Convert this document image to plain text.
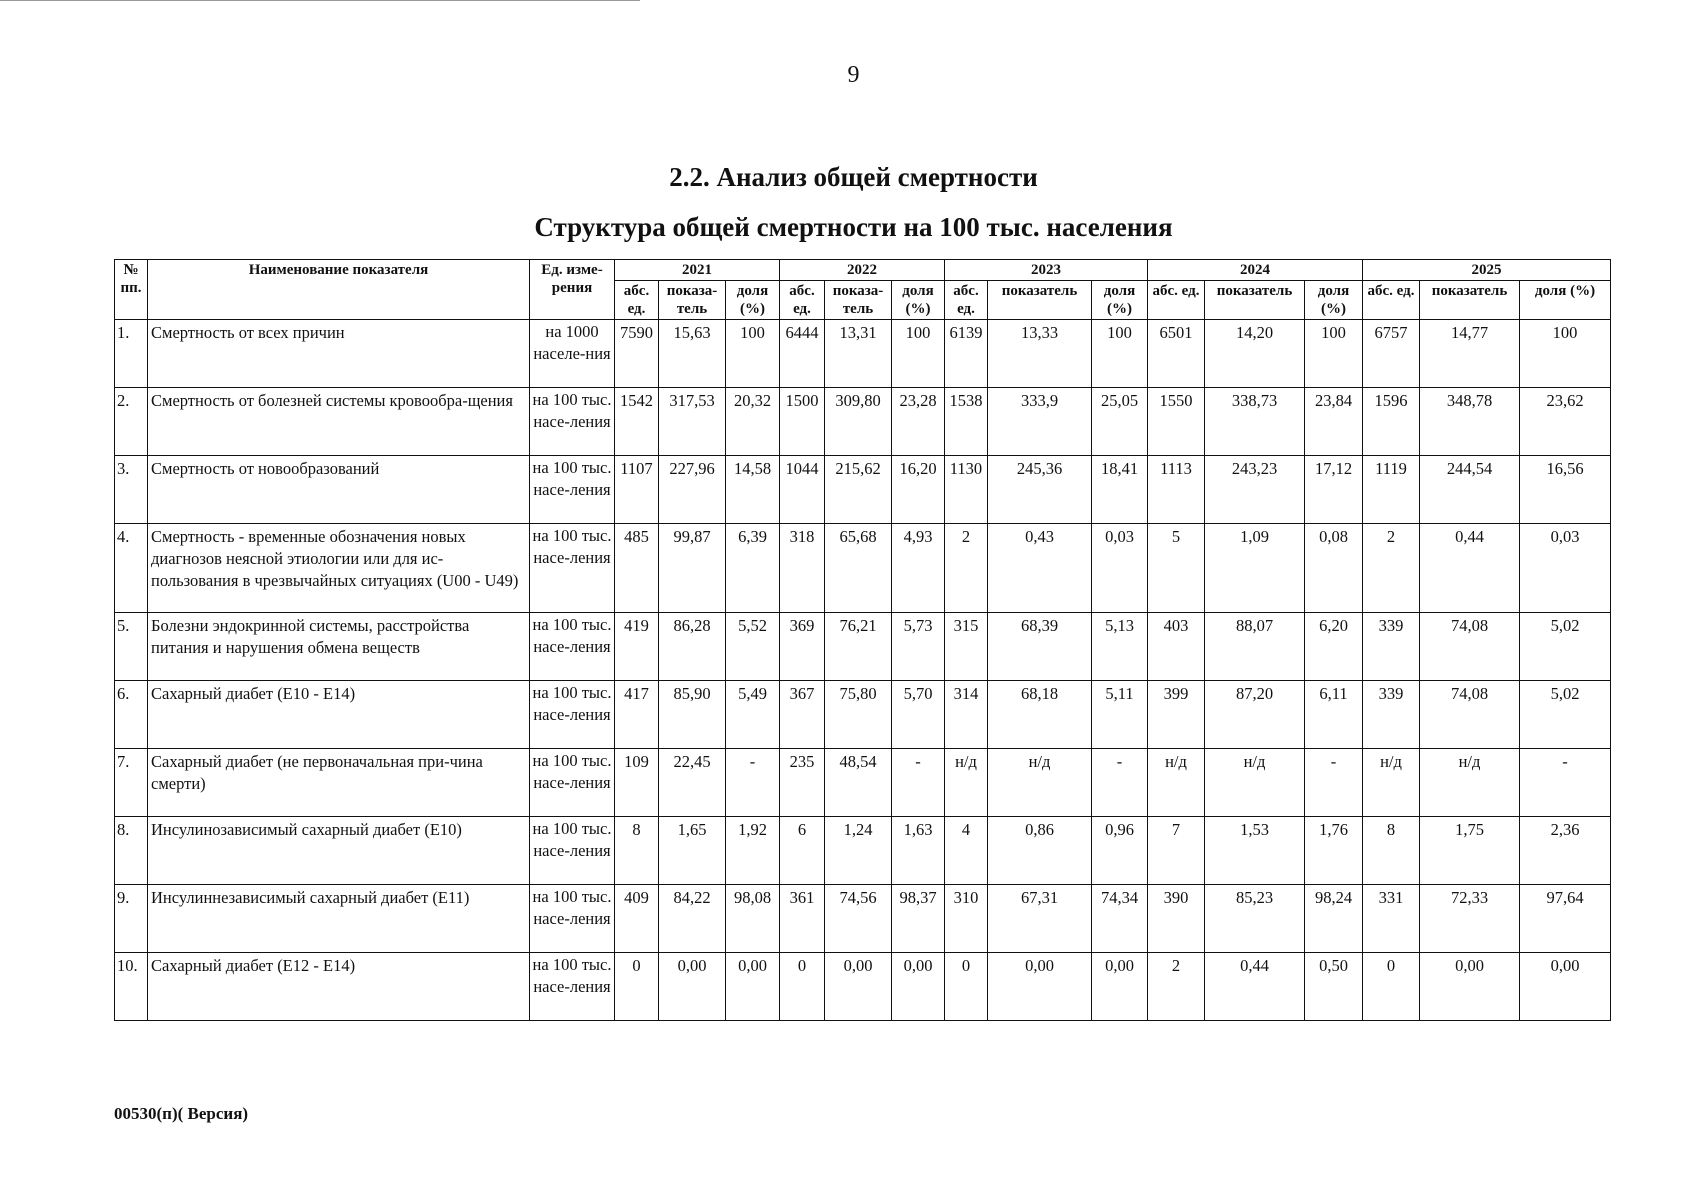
9
2.2. Анализ общей смертности
Структура общей смертности на 100 тыс. населения
№ пп.	Наименование показателя	Ед. изме-рения	2021			2022			2023			2024			2025		
			абс. ед.	показа-тель	доля (%)	абс. ед.	показа-тель	доля (%)	абс. ед.	показатель	доля (%)	абс. ед.	показатель	доля (%)	абс. ед.	показатель	доля (%)
1.	Смертность от всех причин	на 1000 населе-ния	7590	15,63	100	6444	13,31	100	6139	13,33	100	6501	14,20	100	6757	14,77	100
2.	Смертность от болезней системы кровообра-щения	на 100 тыс. насе-ления	1542	317,53	20,32	1500	309,80	23,28	1538	333,9	25,05	1550	338,73	23,84	1596	348,78	23,62
3.	Смертность от новообразований	на 100 тыс. насе-ления	1107	227,96	14,58	1044	215,62	16,20	1130	245,36	18,41	1113	243,23	17,12	1119	244,54	16,56
4.	Смертность - временные обозначения новых диагнозов неясной этиологии или для ис-пользования в чрезвычайных ситуациях (U00 - U49)	на 100 тыс. насе-ления	485	99,87	6,39	318	65,68	4,93	2	0,43	0,03	5	1,09	0,08	2	0,44	0,03
5.	Болезни эндокринной системы, расстройства питания и нарушения обмена веществ	на 100 тыс. насе-ления	419	86,28	5,52	369	76,21	5,73	315	68,39	5,13	403	88,07	6,20	339	74,08	5,02
6.	Сахарный диабет (Е10 - Е14)	на 100 тыс. насе-ления	417	85,90	5,49	367	75,80	5,70	314	68,18	5,11	399	87,20	6,11	339	74,08	5,02
7.	Сахарный диабет (не первоначальная при-чина смерти)	на 100 тыс. насе-ления	109	22,45	-	235	48,54	-	н/д	н/д	-	н/д	н/д	-	н/д	н/д	-
8.	Инсулинозависимый сахарный диабет (Е10)	на 100 тыс. насе-ления	8	1,65	1,92	6	1,24	1,63	4	0,86	0,96	7	1,53	1,76	8	1,75	2,36
9.	Инсулиннезависимый сахарный диабет (Е11)	на 100 тыс. насе-ления	409	84,22	98,08	361	74,56	98,37	310	67,31	74,34	390	85,23	98,24	331	72,33	97,64
10.	Сахарный диабет (Е12 - Е14)	на 100 тыс. насе-ления	0	0,00	0,00	0	0,00	0,00	0	0,00	0,00	2	0,44	0,50	0	0,00	0,00
00530(п)( Версия)
